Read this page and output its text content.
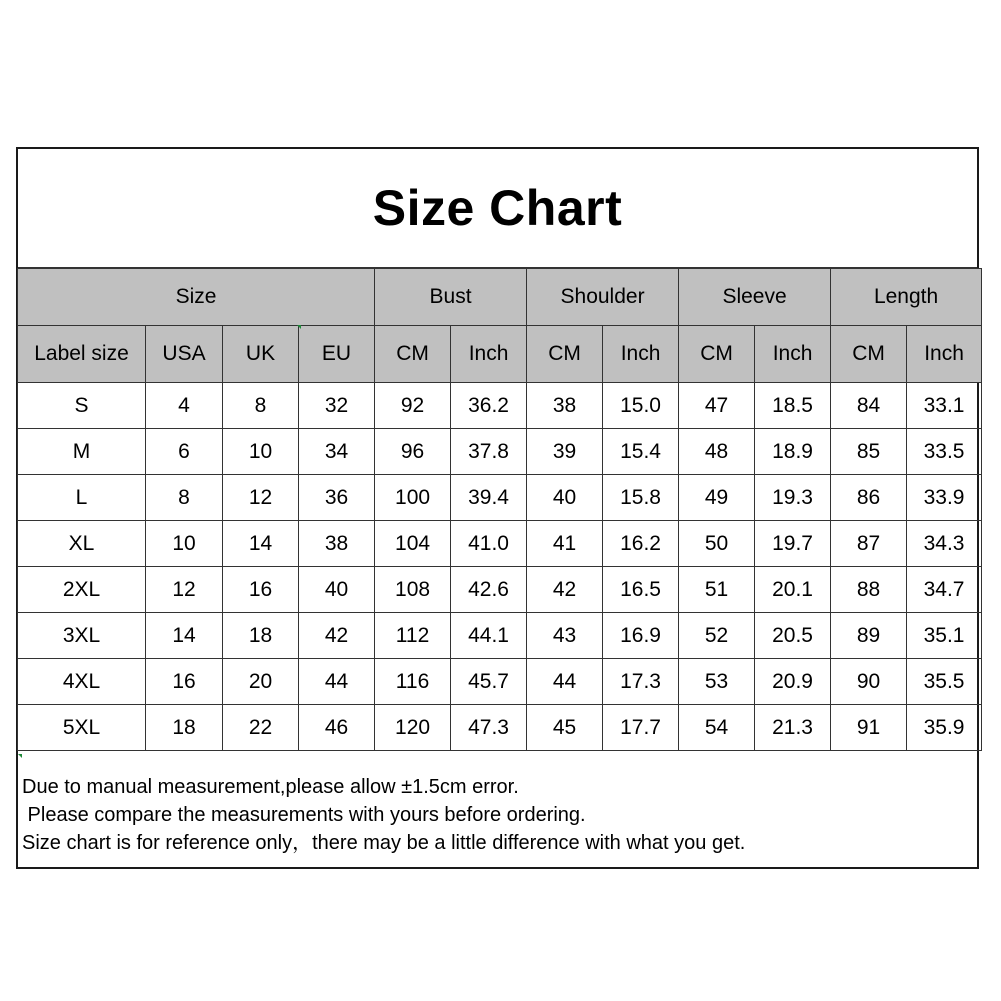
Size Chart
Size				Bust		Shoulder		Sleeve		Length	
Label size	USA	UK	EU	CM	Inch	CM	Inch	CM	Inch	CM	Inch
S	4	8	32	92	36.2	38	15.0	47	18.5	84	33.1
M	6	10	34	96	37.8	39	15.4	48	18.9	85	33.5
L	8	12	36	100	39.4	40	15.8	49	19.3	86	33.9
XL	10	14	38	104	41.0	41	16.2	50	19.7	87	34.3
2XL	12	16	40	108	42.6	42	16.5	51	20.1	88	34.7
3XL	14	18	42	112	44.1	43	16.9	52	20.5	89	35.1
4XL	16	20	44	116	45.7	44	17.3	53	20.9	90	35.5
5XL	18	22	46	120	47.3	45	17.7	54	21.3	91	35.9
Due to manual measurement,please allow ±1.5cm error.
Please compare the measurements with yours before ordering.
Size chart is for reference only，there may be a little difference with what you get.
